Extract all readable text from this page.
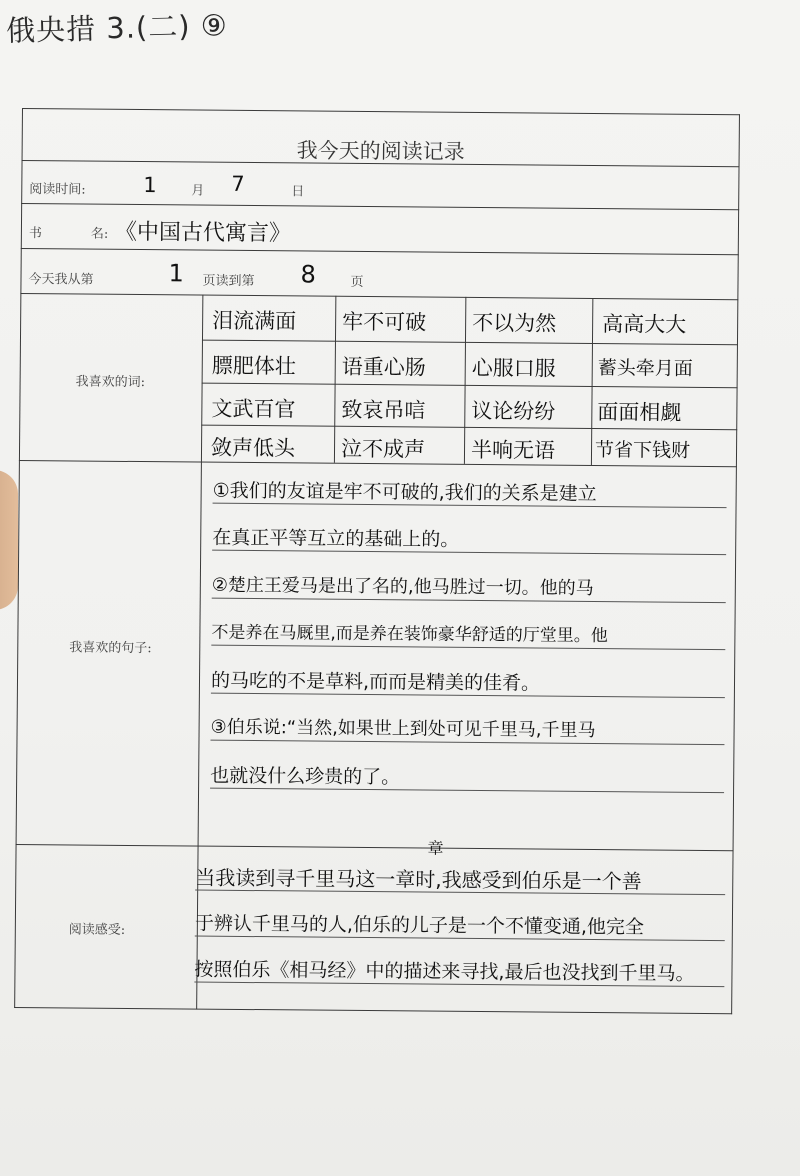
俄央措 3.(二) ⑨
我今天的阅读记录
阅读时间:	1	月 7	日
书	名: 《中国古代寓言》
今天我从第	1 页读到第 8	页
我喜欢的词:
泪流满面 牢不可破 不以为然 高高大大
膘肥体壮 语重心肠 心服口服 蓄头牵月面
文武百官 致哀吊唁 议论纷纷 面面相觑
敛声低头 泣不成声 半响无语 节省下钱财
我喜欢的句子:
①我们的友谊是牢不可破的,我们的关系是建立
在真正平等互立的基础上的。
②楚庄王爱马是出了名的,他马胜过一切。他的马
不是养在马厩里,而是养在装饰豪华舒适的厅堂里。他
的马吃的不是草料,而而是精美的佳肴。
③伯乐说:“当然,如果世上到处可见千里马,千里马
也就没什么珍贵的了。
阅读感受:
章
当我读到寻千里马这一章时,我感受到伯乐是一个善
于辨认千里马的人,伯乐的儿子是一个不懂变通,他完全
按照伯乐《相马经》中的描述来寻找,最后也没找到千里马。
